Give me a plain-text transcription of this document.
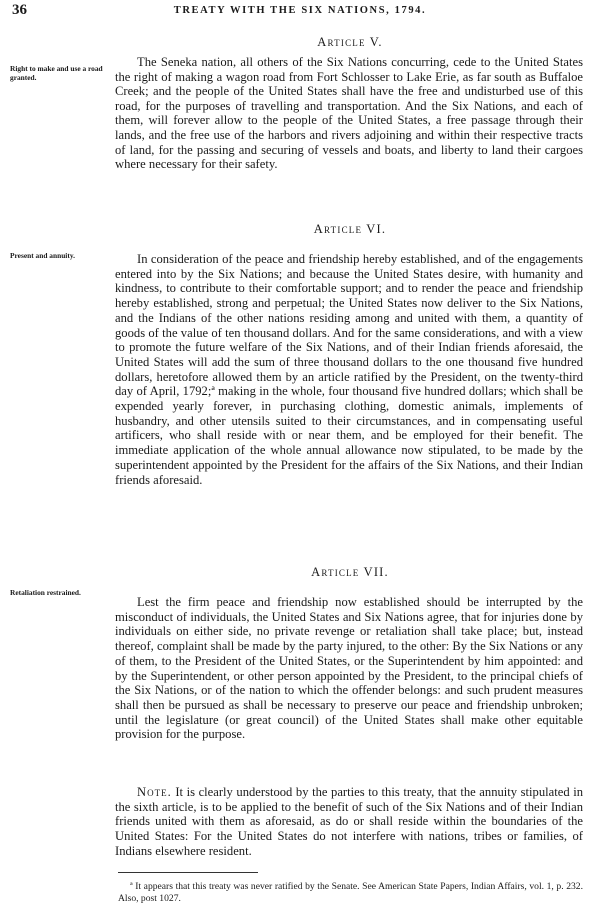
36	TREATY WITH THE SIX NATIONS, 1794.
Article V.
Right to make and use a road granted.

The Seneka nation, all others of the Six Nations concurring, cede to the United States the right of making a wagon road from Fort Schlosser to Lake Erie, as far south as Buffaloe Creek; and the people of the United States shall have the free and undisturbed use of this road, for the purposes of travelling and transportation. And the Six Nations, and each of them, will forever allow to the people of the United States, a free passage through their lands, and the free use of the harbors and rivers adjoining and within their respective tracts of land, for the passing and securing of vessels and boats, and liberty to land their cargoes where necessary for their safety.

Article VI.
Present and annuity.	In consideration of the peace and friendship hereby established, and of the engagements entered into by the Six Nations; and because the United States desire, with humanity and kindness, to contribute to their comfortable support; and to render the peace and friendship hereby established, strong and perpetual; the United States now deliver to the Six Nations, and the Indians of the other nations residing among and united with them, a quantity of goods of the value of ten thousand dollars. And for the same considerations, and with a view to promote the future welfare of the Six Nations, and of their Indian friends aforesaid, the United States will add the sum of three thousand dollars to the one thousand five hundred dollars, heretofore allowed them by an article ratified by the President, on the twenty-third day of April, 1792;ª making in the whole, four thousand five hundred dollars; which shall be expended yearly forever, in purchasing clothing, domestic animals, implements of husbandry, and other utensils suited to their circumstances, and in compensating useful artificers, who shall reside with or near them, and be employed for their benefit. The immediate application of the whole annual allowance now stipulated, to be made by the superintendent appointed by the President for the affairs of the Six Nations, and their Indian friends aforesaid.

Article VII.
Retaliation restrained.

Lest the firm peace and friendship now established should be interrupted by the misconduct of individuals, the United States and Six Nations agree, that for injuries done by individuals on either side, no private revenge or retaliation shall take place; but, instead thereof, complaint shall be made by the party injured, to the other: By the Six Nations or any of them, to the President of the United States, or the Superintendent by him appointed: and by the Superintendent, or other person appointed by the President, to the principal chiefs of the Six Nations, or of the nation to which the offender belongs: and such prudent measures shall then be pursued as shall be necessary to preserve our peace and friendship unbroken; until the legislature (or great council) of the United States shall make other equitable provision for the purpose.

Note. It is clearly understood by the parties to this treaty, that the annuity stipulated in the sixth article, is to be applied to the benefit of such of the Six Nations and of their Indian friends united with them as aforesaid, as do or shall reside within the boundaries of the United States: For the United States do not interfere with nations, tribes or families, of Indians elsewhere resident.

ª It appears that this treaty was never ratified by the Senate. See American State Papers, Indian Affairs, vol. 1, p. 232. Also, post 1027.
